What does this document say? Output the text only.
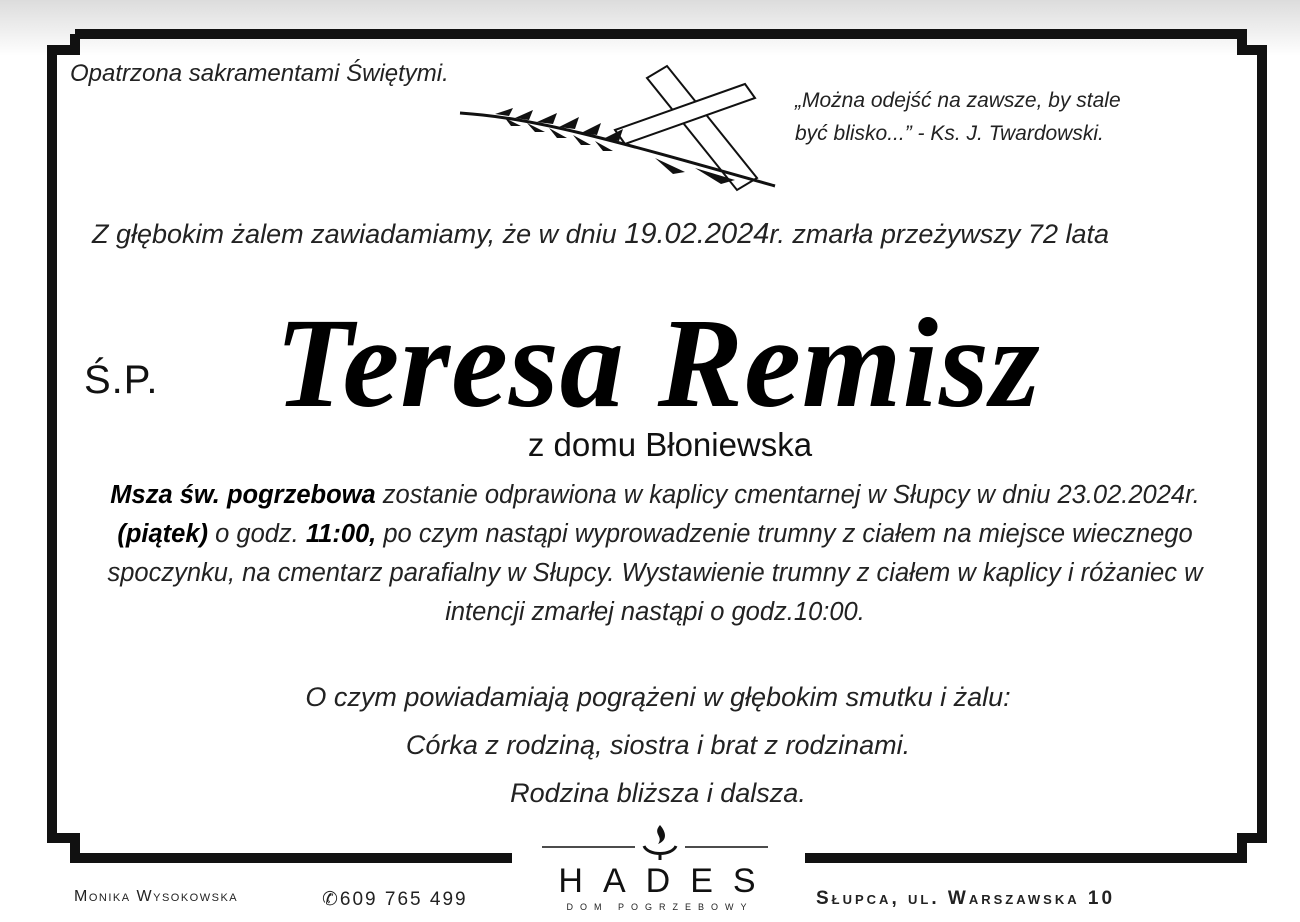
Opatrzona sakramentami Świętymi.
„Można odejść na zawsze, by stale
być blisko...” - Ks. J. Twardowski.
Z głębokim żalem zawiadamiamy, że w dniu 19.02.2024r. zmarła przeżywszy 72 lata
Ś.P. Teresa Remisz
z domu Błoniewska
Msza św. pogrzebowa zostanie odprawiona w kaplicy cmentarnej w Słupcy w dniu 23.02.2024r. (piątek) o godz. 11:00, po czym nastąpi wyprowadzenie trumny z ciałem na miejsce wiecznego spoczynku, na cmentarz parafialny w Słupcy. Wystawienie trumny z ciałem w kaplicy i różaniec w intencji zmarłej nastąpi o godz.10:00.
O czym powiadamiają pogrążeni w głębokim smutku i żalu:
Córka z rodziną, siostra i brat z rodzinami.
Rodzina bliższa i dalsza.
Monika Wysokowska	✆609 765 499	HADES
DOM POGRZEBOWY	Słupca, ul. Warszawska 10
